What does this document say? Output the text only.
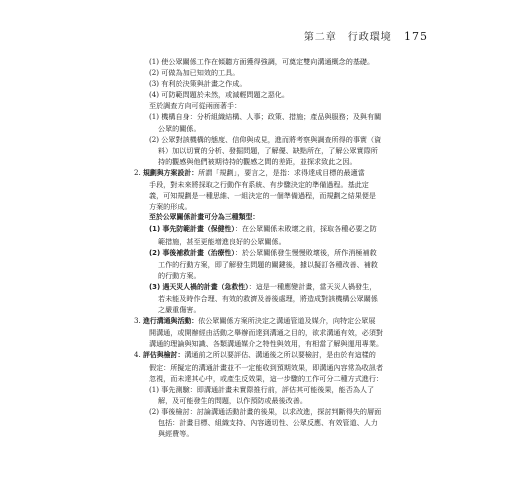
第二章　行政環境 175
(1) 使公眾關係工作在傾聽方面獲得強調，可奠定雙向溝通概念的基礎。
(2) 可做為加已知效的工具。
(3) 有利於決策與計畫之作成。
(4) 可防範問題於未然，或減輕問題之惡化。
至於調查方向可從兩面著手：
(1) 機構自身：分析組織結構、人事；政策、措施；產品與服務；及與有關
公眾的關係。
(2) 公眾對該機構的態度、信仰與成見，進而將考察與調查所得的事實（資
料）加以切實的分析、發掘問題，了解優、缺點所在，了解公眾實際所
持的觀感與他們被期待持的觀感之間的差距，並探求致此之因。
2. 規劃與方案設計：所謂「規劃」，要言之，是指：求得達成目標的最適當
手段，對未來將採取之行動作有系統、有步驟決定的準備過程。基此定
義，可知規劃是一種思維、一組決定的一個準備過程，而規劃之結果便是
方案的形成。
至於公眾關係計畫可分為三種類型：
(1) 事先防範計畫（保健性）：在公眾關係未敗壞之前，採取各種必要之防
範措施，甚至更能增進良好的公眾關係。
(2) 事後補救計畫（治療性）：於公眾關係發生慢慢敗壞後，所作消極補救
工作的行動方案，即了解發生問題的關鍵後，據以擬訂各種改善、補救
的行動方案。
(3) 遇天災人禍的計畫（急救性）：這是一種應變計畫，當天災人禍發生，
若未能及時作合理、有效的救濟及善後處理，將造成對該機構公眾關係
之嚴重傷害。
3. 進行溝通與活動：依公眾關係方案所決定之溝通管道及媒介，向特定公眾展
開溝通，或開辦經由活動之舉辦而達到溝通之目的，欲求溝通有效，必須對
溝通的理論與知識、各類溝通媒介之特性與效用，有相當了解與運用專業。
4. 評估與檢討：溝通前之所以要評估、溝通後之所以要檢討，是由於有這樣的
假定：所擬定的溝通計畫並不一定能收到預期效果，即溝通內容常為收訊者
忽視，而未達其心中，或產生反效果，這一步驟的工作可分二種方式進行：
(1) 事先測驗：即溝通計畫未實際推行前，評估其可能後果，能否為人了
解，及可能發生的問題，以作預防或最後改善。
(2) 事後檢討：討論溝通活動計畫的後果，以求改進，探討判斷得失的層面
包括：計畫目標、組織支持、內容適切性、公眾反應、有效管道、人力
與經費等。
